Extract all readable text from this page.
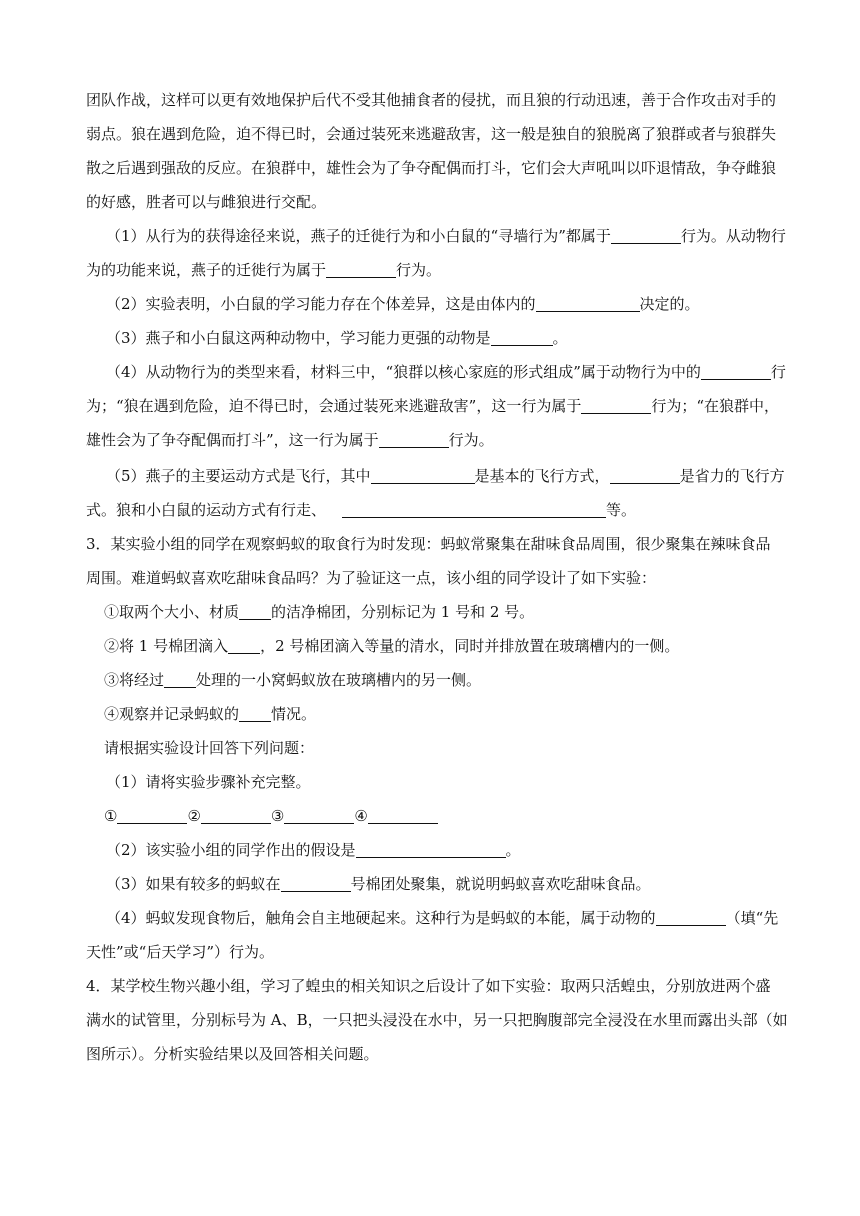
团队作战，这样可以更有效地保护后代不受其他捕食者的侵扰，而且狼的行动迅速，善于合作攻击对手的
弱点。狼在遇到危险，迫不得已时，会通过装死来逃避敌害，这一般是独自的狼脱离了狼群或者与狼群失
散之后遇到强敌的反应。在狼群中，雄性会为了争夺配偶而打斗，它们会大声吼叫以吓退情敌，争夺雌狼
的好感，胜者可以与雌狼进行交配。
（1）从行为的获得途径来说，燕子的迁徙行为和小白鼠的“寻墙行为”都属于	行为。从动物行
为的功能来说，燕子的迁徙行为属于	行为。
（2）实验表明，小白鼠的学习能力存在个体差异，这是由体内的	决定的。
（3）燕子和小白鼠这两种动物中，学习能力更强的动物是	。
（4）从动物行为的类型来看，材料三中，“狼群以核心家庭的形式组成”属于动物行为中的	行
为；“狼在遇到危险，迫不得已时，会通过装死来逃避敌害”，这一行为属于	行为；“在狼群中，
雄性会为了争夺配偶而打斗”，这一行为属于	行为。
（5）燕子的主要运动方式是飞行，其中	是基本的飞行方式，	是省力的飞行方
式。狼和小白鼠的运动方式有行走、	等。
3．某实验小组的同学在观察蚂蚁的取食行为时发现：蚂蚁常聚集在甜味食品周围，很少聚集在辣味食品
周围。难道蚂蚁喜欢吃甜味食品吗？为了验证这一点，该小组的同学设计了如下实验：
①取两个大小、材质 的洁净棉团，分别标记为 1 号和 2 号。
②将 1 号棉团滴入 ，2 号棉团滴入等量的清水，同时并排放置在玻璃槽内的一侧。
③将经过 处理的一小窝蚂蚁放在玻璃槽内的另一侧。
④观察并记录蚂蚁的 情况。
请根据实验设计回答下列问题：
（1）请将实验步骤补充完整。
①	②	③	④
（2）该实验小组的同学作出的假设是	。
（3）如果有较多的蚂蚁在	号棉团处聚集，就说明蚂蚁喜欢吃甜味食品。
（4）蚂蚁发现食物后，触角会自主地硬起来。这种行为是蚂蚁的本能，属于动物的	（填“先
天性”或“后天学习”）行为。
4．某学校生物兴趣小组，学习了蝗虫的相关知识之后设计了如下实验：取两只活蝗虫，分别放进两个盛
满水的试管里，分别标号为 A、B，一只把头浸没在水中，另一只把胸腹部完全浸没在水里而露出头部（如
图所示）。分析实验结果以及回答相关问题。
